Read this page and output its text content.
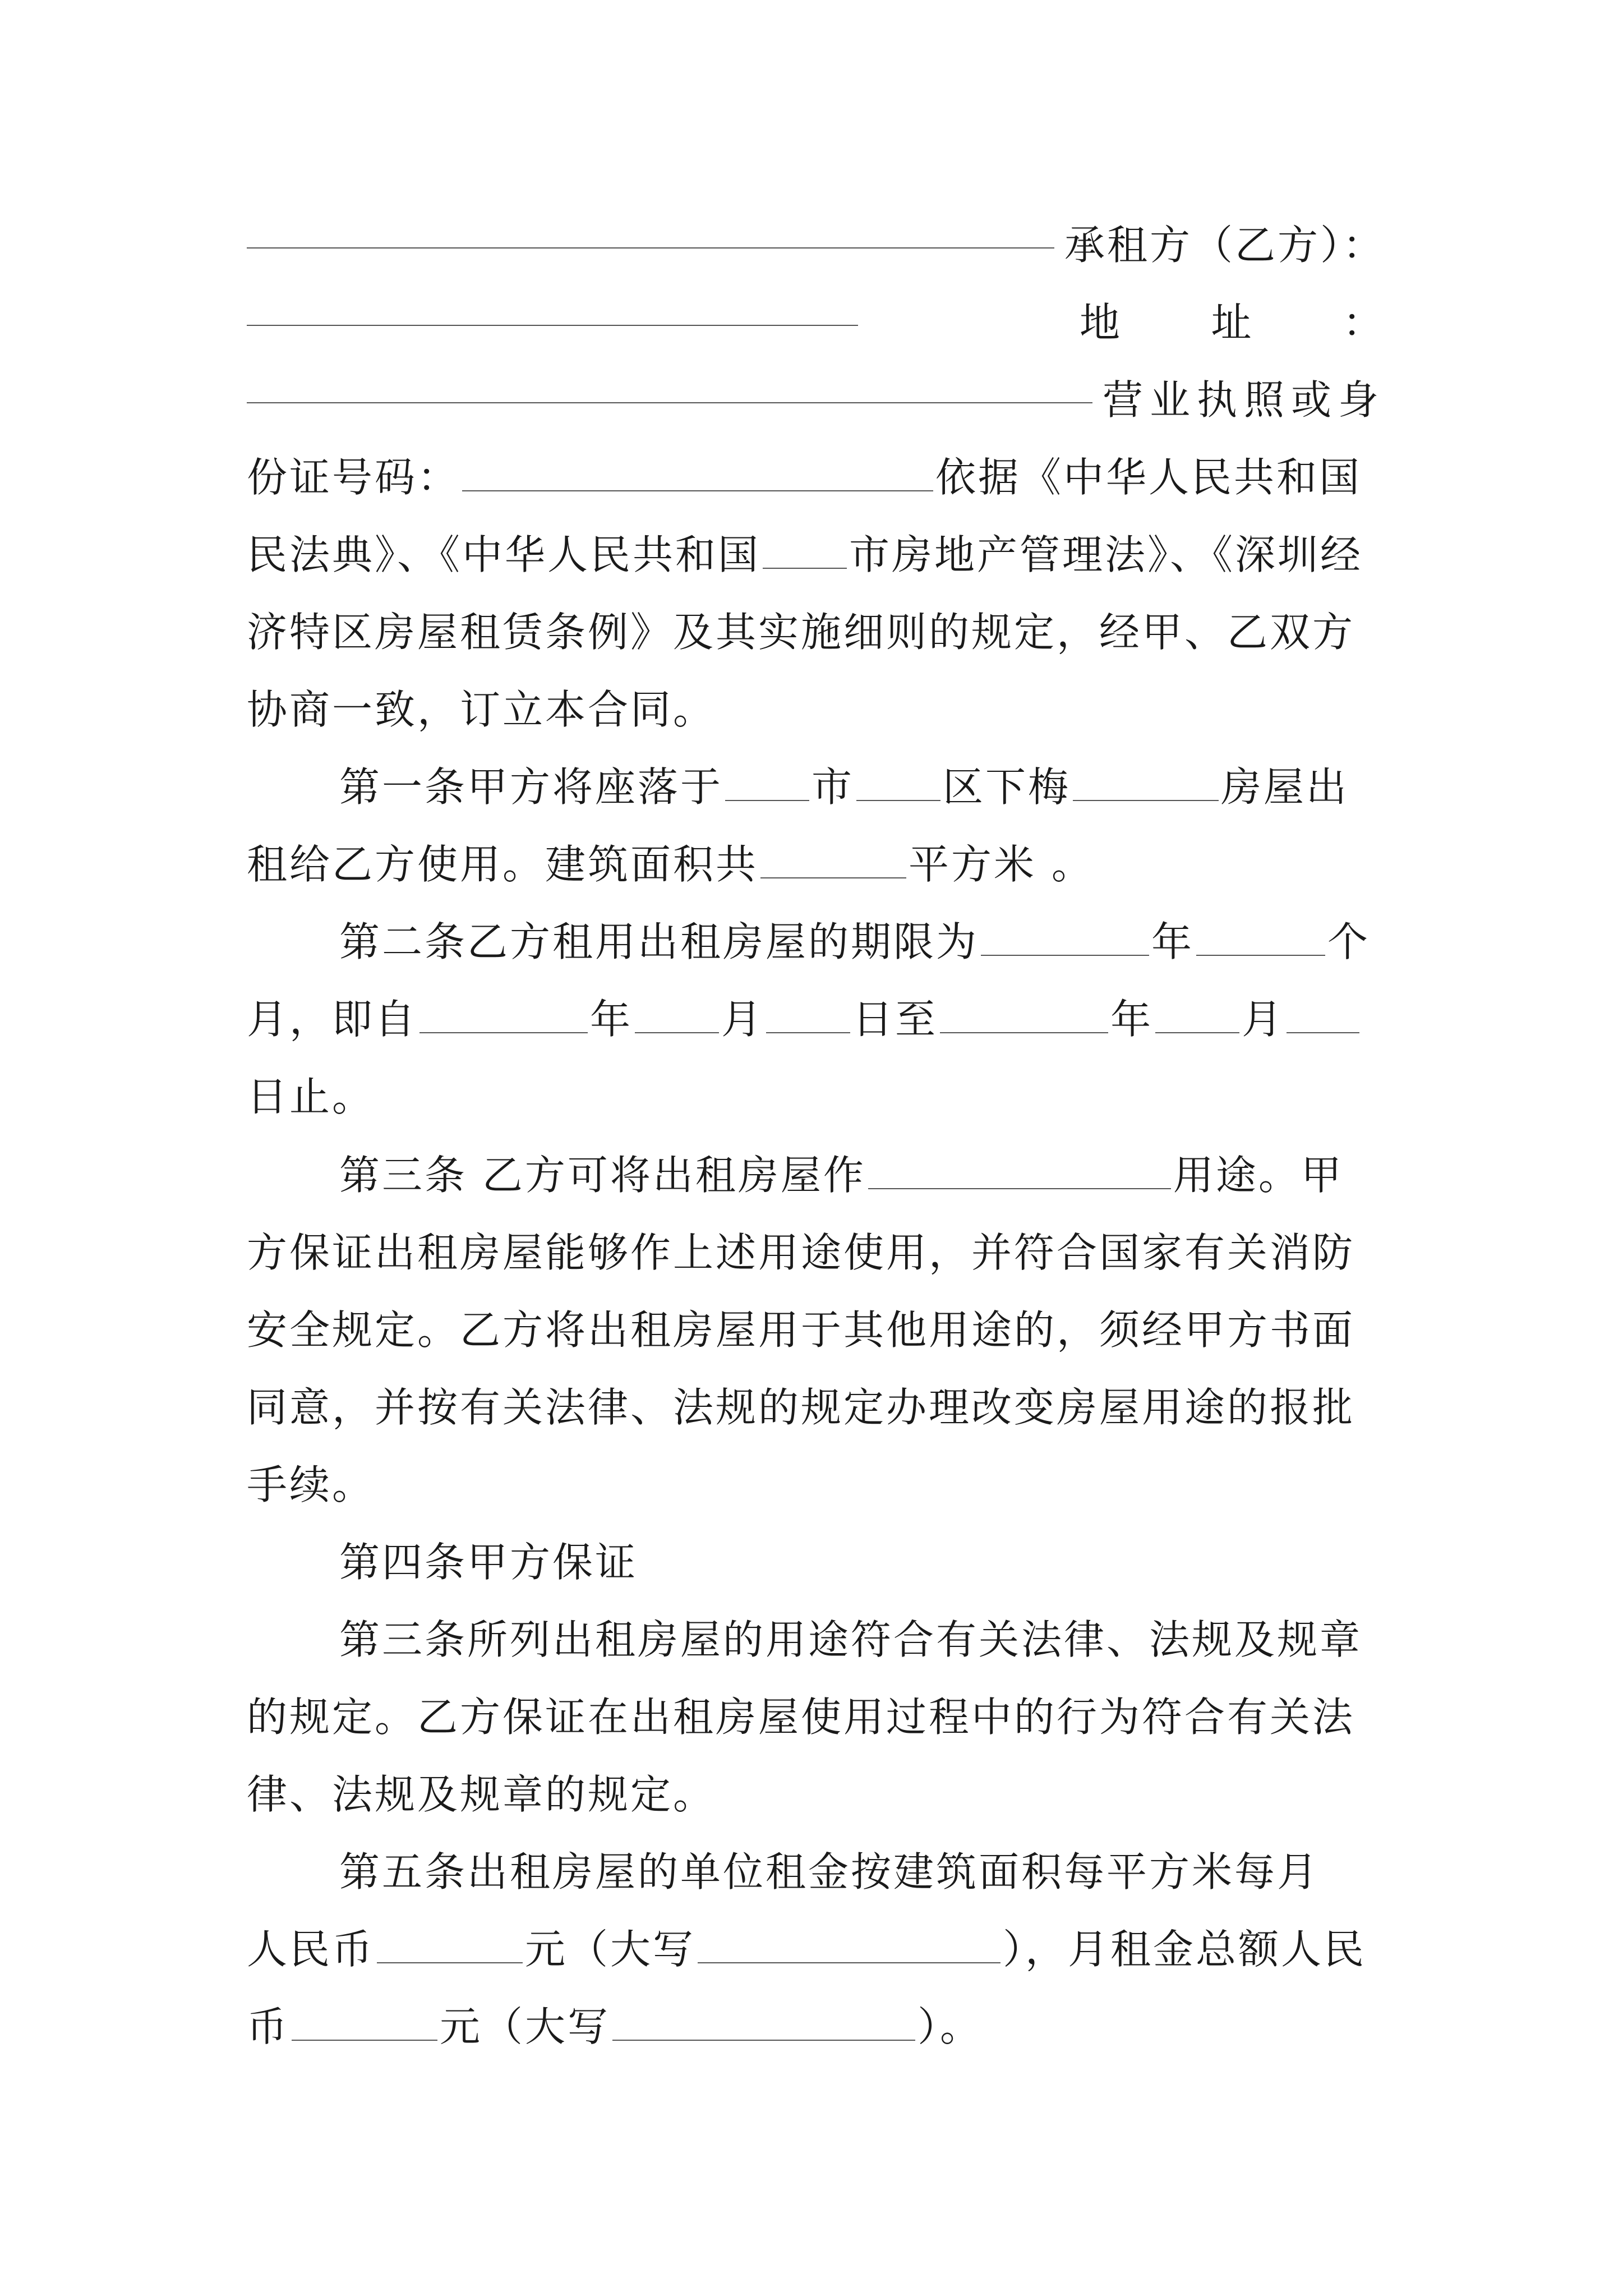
承租方（乙方）：
地 址 ：
营业执照或身
份证号码：	依据《中华人民共和国
民法典》、《中华人民共和国 市房地产管理法》、《深圳经
济特区房屋租赁条例》及其实施细则的规定，经甲、乙双方
协商一致，订立本合同。
第一条甲方将座落于 市 区下梅	房屋出
租给乙方使用。建筑面积共	平方米 。
第二条乙方租用出租房屋的期限为	年	个
月，即自	年 月 日至	年 月
日止。
第三条 乙方可将出租房屋作	用途。甲
方保证出租房屋能够作上述用途使用，并符合国家有关消防
安全规定。乙方将出租房屋用于其他用途的，须经甲方书面
同意，并按有关法律、法规的规定办理改变房屋用途的报批
手续。
第四条甲方保证
第三条所列出租房屋的用途符合有关法律、法规及规章
的规定。乙方保证在出租房屋使用过程中的行为符合有关法
律、法规及规章的规定。
第五条出租房屋的单位租金按建筑面积每平方米每月
人民币	元（大写	），月租金总额人民
币	元（大写	）。
